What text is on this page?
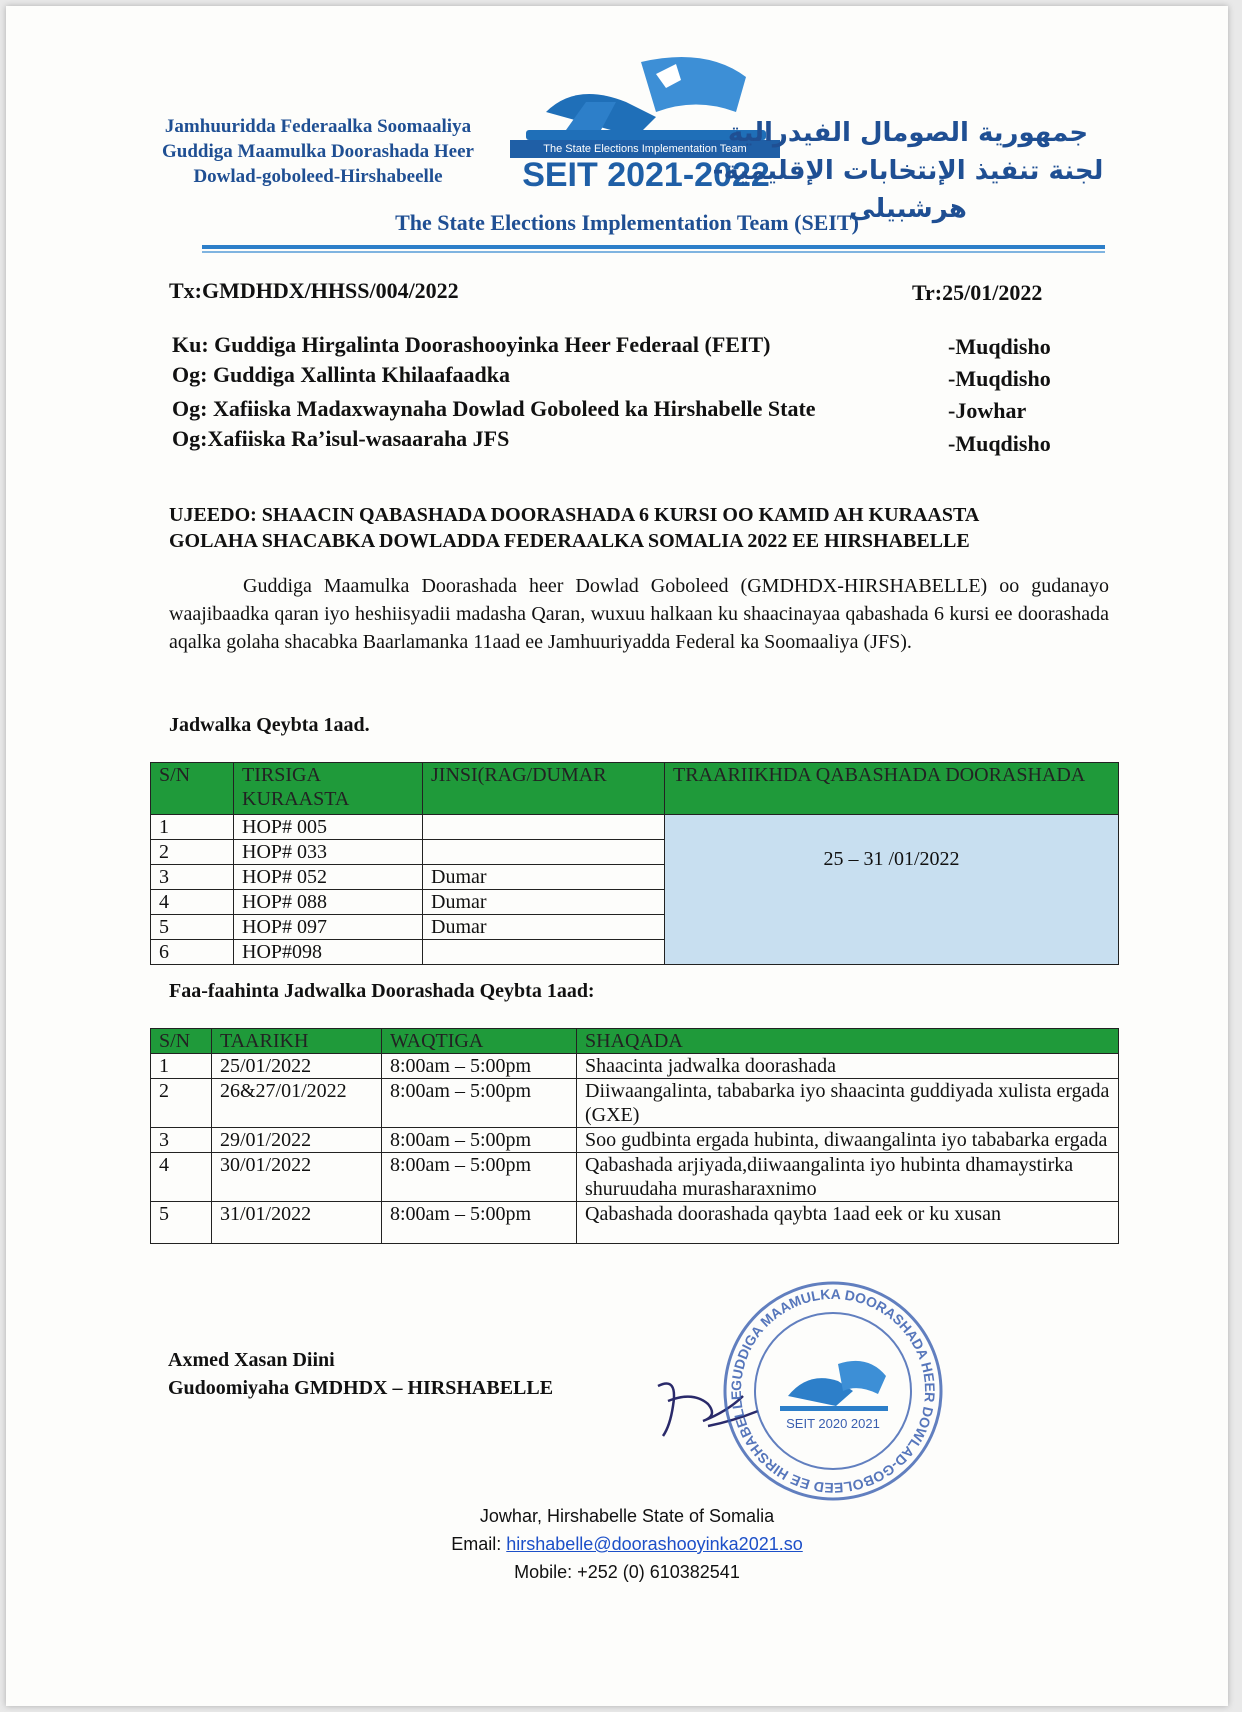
Jamhuuridda Federaalka Soomaaliya
Guddiga Maamulka Doorashada Heer
Dowlad-goboleed-Hirshabeelle
The State Elections Implementation Team
SEIT 2021-2022
جمهورية الصومال الفيدرالية
لجنة تنفيذ الإنتخابات الإقليمية- هرشبيلى
The State Elections Implementation Team (SEIT)
Tx:GMDHDX/HHSS/004/2022	Tr:25/01/2022
Ku: Guddiga Hirgalinta Doorashooyinka Heer Federaal (FEIT)	-Muqdisho
Og: Guddiga Xallinta Khilaafaadka	-Muqdisho
Og: Xafiiska Madaxwaynaha Dowlad Goboleed ka Hirshabelle State	-Jowhar
Og:Xafiiska Ra’isul-wasaaraha JFS	-Muqdisho
UJEEDO: SHAACIN QABASHADA DOORASHADA 6 KURSI OO KAMID AH KURAASTA
GOLAHA SHACABKA DOWLADDA FEDERAALKA SOMALIA 2022 EE HIRSHABELLE
Guddiga Maamulka Doorashada heer Dowlad Goboleed (GMDHDX-HIRSHABELLE) oo gudanayo waajibaadka qaran iyo heshiisyadii madasha Qaran, wuxuu halkaan ku shaacinayaa qabashada 6 kursi ee doorashada aqalka golaha shacabka Baarlamanka 11aad ee Jamhuuriyadda Federal ka Soomaaliya (JFS).
Jadwalka Qeybta 1aad.
S/N	TIRSIGA KURAASTA	JINSI(RAG/DUMAR	TRAARIIKHDA QABASHADA DOORASHADA
1	HOP# 005		25 – 31 /01/2022
2	HOP# 033		
3	HOP# 052	Dumar	
4	HOP# 088	Dumar	
5	HOP# 097	Dumar	
6	HOP#098		
Faa-faahinta Jadwalka Doorashada Qeybta 1aad:
S/N	TAARIKH	WAQTIGA	SHAQADA
1	25/01/2022	8:00am – 5:00pm	Shaacinta jadwalka doorashada
2	26&27/01/2022	8:00am – 5:00pm	Diiwaangalinta, tababarka iyo shaacinta guddiyada xulista ergada (GXE)
3	29/01/2022	8:00am – 5:00pm	Soo gudbinta ergada hubinta, diwaangalinta iyo tababarka ergada
4	30/01/2022	8:00am – 5:00pm	Qabashada arjiyada,diiwaangalinta iyo hubinta dhamaystirka shuruudaha murasharaxnimo
5	31/01/2022	8:00am – 5:00pm	Qabashada doorashada qaybta 1aad eek or ku xusan
Axmed Xasan Diini
Gudoomiyaha GMDHDX – HIRSHABELLE	GUDDIGA MAAMULKA DOORASHADA HEER DOWLAD-GOBOLEED EE HIRSHABELLE
SEIT 2020 2021
Jowhar, Hirshabelle State of Somalia
Email: hirshabelle@doorashooyinka2021.so
Mobile: +252 (0) 610382541
